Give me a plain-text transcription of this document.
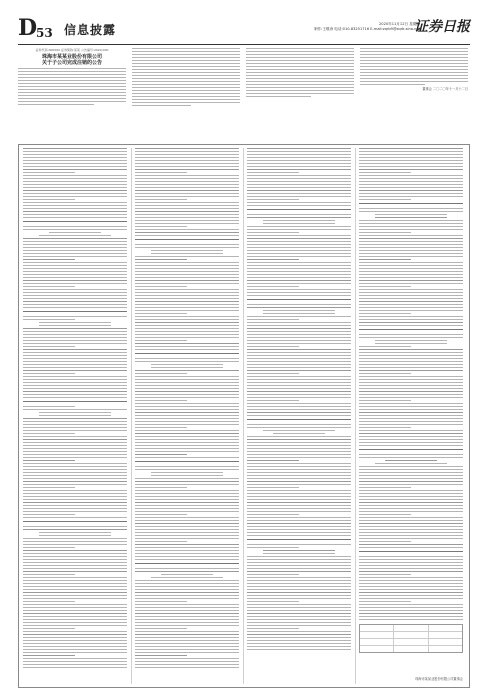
D
53 信息披露	2020年11月12日 星期四
制作:王敬涛 电话:010-83251716 E-mail:zqrb9@zqrb.sina.net
证券日报
证券代码:000000 证券简称:某某 公告编号:2020-000
珠海市某某业股份有限公司
关于子公司完成注销的公告
董事会 二〇二〇年十一月十二日
珠海市某某业股份有限公司董事会
